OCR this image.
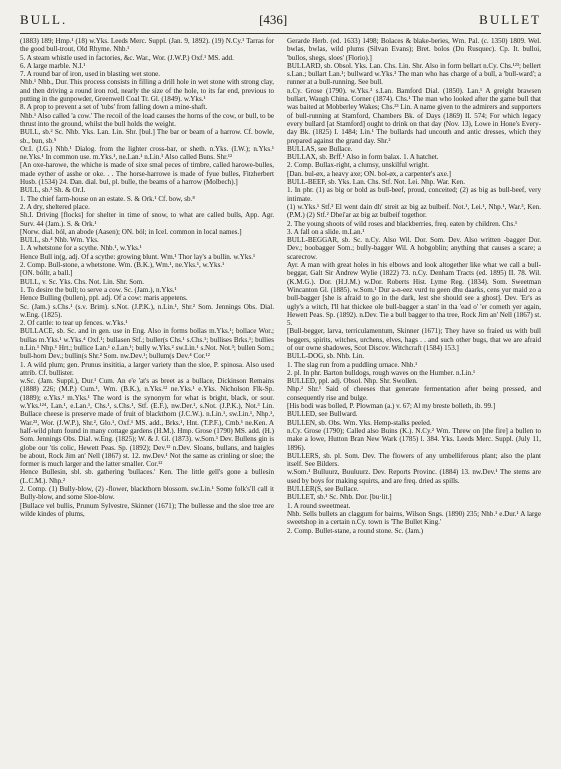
BULL.	[436]	BULLET

(1883) 189; Hmp.¹ (18) w.Yks. Leeds Merc. Suppl. (Jan. 9, 1892). (19) N.Cy.¹ Tarras for the good bull-trout, Old Rhyme. Nhb.¹

5. A steam whistle used in factories, &c. War., Wor. (J.W.P.) Oxf.¹ MS. add.

6. A large marble. N.I.¹

7. A round bar of iron, used in blasting wet stone.

Nhb.¹ Nhb., Dur. This process consists in filling a drill hole in wet stone with strong clay, and then driving a round iron rod, nearly the size of the hole, to its far end, previous to putting in the gunpowder, Greenwell Coal Tr. Gl. (1849). w.Yks.¹

8. A prop to prevent a set of 'tubs' from falling down a mine-shaft.

Nhb.¹ Also called 'a cow.' The recoil of the load causes the horns of the cow, or bull, to be thrust into the ground, whilst the bull holds the weight.

BULL, sb.² Sc. Nhb. Yks. Lan. Lin. Shr. [bul.] The bar or beam of a harrow. Cf. bowle, sb., bun, sb.⁵

Or.I. (J.G.) Nhb.¹ Dialog. from the lighter cross-bar, or sheth. n.Yks. (I.W.); n.Yks.¹ ne.Yks.¹ In common use. m.Yks.¹, ne.Lan.¹ n.Lin.¹ Also called Buns. Shr.¹²

[An oxe-harowe, the whiche is made of sixe smal peces of timbre, called harowe-bulles, made eyther of asshe or oke. . . The horse-harrowe is made of fyue bulles, Fitzherbert Husb. (1534) 24. Dan. dial. bul, pl. bulle, the beams of a harrow (Molbech).]

BULL, sb.³ Sh. & Or.I.

1. The chief farm-house on an estate. S. & Ork.¹ Cf. bow, sb.⁸

2. A dry, sheltered place.

Sh.I. Driving [flocks] for shelter in time of snow, to what are called bulls, App. Agr. Surv. 44 (Jam.). S. & Ork.¹

[Norw. dial. ból, an abode (Aasen); ON. ból; in Icel. common in local names.]

BULL, sb.⁴ Nhb. Wm. Yks.

1. A whetstone for a scythe. Nhb.¹, w.Yks.¹

Hence Bull in(g, adj. Of a scythe: growing blunt. Wm.¹ Thor lay's a bullin. w.Yks.¹

2. Comp. Bull-stone, a whetstone. Wm. (B.K.), Wm.¹, ne.Yks.¹, w.Yks.¹

[ON. bóllr, a ball.]

BULL, v. Sc. Yks. Chs. Not. Lin. Shr. Som.

1. To desire the bull; to serve a cow. Sc. (Jam.), n.Yks.¹

Hence Bulling (bullen), ppl. adj. Of a cow: maris appetens.

Sc. (Jam.) s.Chs.¹ (s.v. Brim). s.Not. (J.P.K.), n.Lin.¹, Shr.² Som. Jennings Obs. Dial. w.Eng. (1825).

2. Of cattle: to tear up fences. w.Yks.¹

BULLACE, sb. Sc. and in gen. use in Eng. Also in forms bollas m.Yks.¹; bollace Wor.; bullas m.Yks.¹ w.Yks.⁴ Oxf.¹; bullasen Stf.; buller(s Chs.¹ s.Chs.¹; bullises Brks.¹; bullies n.Lin.¹ Nhp.¹ Hrt.; bullice Lan.¹ e.Lan.¹; bully w.Yks.² sw.Lin.¹ s.Not. Not.³; bullen Som.; bull-horn Dev.; bullin(s Shr.² Som. nw.Dev.¹; bullum(s Dev.⁴ Cor.¹²

1. A wild plum; gen. Prunus insititia, a larger variety than the sloe, P. spinosa. Also used attrib. Cf. bullister.

w.Sc. (Jam. Suppl.), Dur.¹ Cum. An e'e 'at's as breet as a bullace, Dickinson Remains (1888) 226; (M.P.) Cum.¹, Wm. (B.K.), n.Yks.¹² ne.Yks.¹ e.Yks. Nicholson Flk-Sp. (1889); e.Yks.¹ m.Yks.¹ The word is the synonym for what is bright, black, or sour. w.Yks.¹²⁴, Lan.¹, e.Lan.¹, Chs.¹, s.Chs.¹, Stf. (E.F.), nw.Der.¹, s.Not. (J.P.K.), Not.³ Lin. Bullace cheese is preserve made of fruit of blackthorn (J.C.W.). n.Lin.¹, sw.Lin.¹, Nhp.¹, War.²³, Wor. (J.W.P.), Shr.², Glo.¹, Oxf.¹ MS. add., Brks.¹, Hnt. (T.P.F.), Cmb.¹ ne.Ken. A half-wild plum found in many cottage gardens (H.M.). Hmp. Grose (1790) MS. add. (H.) Som. Jennings Obs. Dial. w.Eng. (1825); W. & J. Gl. (1873). w.Som.¹ Dev. Bullens gin is globe our 'tis colic, Hewett Peas. Sp. (1892); Dev.¹² n.Dev. Sloans, bullans, and haigles be about, Rock Jim an' Nell (1867) st. 12. nw.Dev.¹ Not the same as crinling or sloe; the former is much larger and the latter smaller. Cor.¹²

Hence Bullesin, sbl. sb. gathering 'bullaces.' Ken. The little gell's gone a bullesin (L.C.M.). Nhp.²

2. Comp. (1) Bully-blow, (2) -flower, blackthorn blossom. sw.Lin.¹ Some folk's'll call it Bully-blow, and some Sloe-blow.

[Bullace vel bullis, Prunum Sylvestre, Skinner (1671); The bullesse and the sloe tree are wilde kindes of plums,

Gerarde Herb. (ed. 1633) 1498; Bolaces & blake-beries, Wm. Pal. (c. 1350) 1809. Wel. bwlas, bwlas, wild plums (Silvan Evans); Bret. bolos (Du Rusquec). Cp. It. bulloi, 'bullos, shegs, sloes' (Florio).]

BULLARD, sb. Obsol. Yks. Lan. Chs. Lin. Shr. Also in form bellart n.Cy. Chs.¹²³; bellert s.Lan.; bullart Lan.¹; bullward w.Yks.³ The man who has charge of a bull, a 'bull-ward'; a runner at a bull-running. See bull.

n.Cy. Grose (1790). w.Yks.³ s.Lan. Bamford Dial. (1850). Lan.¹ A greight brawsen bullart, Waugh China. Corner (1874). Chs.¹ The man who looked after the game bull that was baited at Mobberley Wakes; Chs.²³ Lin. A name given to the admirers and supporters of bull-running at Stamford, Chambers Bk. of Days (1869) II. 574; For which legacy every bullard [at Stamford] ought to drink on that day (Nov. 13), Lowe in Hone's Every-day Bk. (1825) I. 1484; Lin.¹ The bullards had uncouth and antic dresses, which they prepared against the grand day. Shr.²

BULLAS, see Bullace.

BULLAX, sb. Brff.¹ Also in form balax. 1. A hatchet.

2. Comp. Bullax-right, a clumsy, unskilful wright.

[Dan. bul-øx, a heavy axe; ON. bol-øx, a carpenter's axe.]

BULL-BEEF, sb. Yks. Lan. Chs. Stf. Not. Lei. Nhp. War. Ken.

1. In phr. (1) as big or bold as bull-beef, proud, conceited; (2) as big as bull-beef, very intimate.

(1) w.Yks.¹ Stf.² El went dain dh' streit az big az bulbeif. Not.¹, Lei.¹, Nhp.¹, War.³, Ken. (P.M.) (2) Stf.² Dhei'ar az big az bulbeif togethor.

2. The young shoots of wild roses and blackberries, freq. eaten by children. Chs.¹

3. A fall on a slide. m.Lan.¹

BULL-BEGGAR, sb. Sc. n.Cy. Also Wil. Dor. Som. Dev. Also written -bagger Dor. Dev.; boobagger Som.; bully-bagger Wil. A hobgoblin; anything that causes a scare; a scarecrow.

Ayr. A man with great holes in his elbows and look altogether like what we call a bull-beggar, Galt Sir Andrew Wylie (1822) 73. n.Cy. Denham Tracts (ed. 1895) II. 78. Wil. (K.M.G.). Dor. (H.J.M.) w.Dor. Roberts Hist. Lyme Reg. (1834). Som. Sweetman Wincanton Gl. (1885). w.Som.¹ Dur a-n-eez vurd tu geen dhu daarks, cens yur maid zo a bull-bagger [she is afraid to go in the dark, lest she should see a ghost]. Dev. 'Er's as ugly's a witch, I'll hat thickee ole bull-bagger a stan' in tha 'ead o' 'er cometh yer again, Hewett Peas. Sp. (1892). n.Dev. Tie a bull bagger to tha tree, Rock Jim an' Nell (1867) st. 5.

[Bull-begger, larva, terriculamentum, Skinner (1671); They have so fraied us with bull beggers, spirits, witches, urchens, elves, hags . . and such other bugs, that we are afraid of our owne shadowes, Scot Discov. Witchcraft (1584) 153.]

BULL-DOG, sb. Nhb. Lin.

1. The slag run from a puddling urnace. Nhb.¹

2. pl. In phr. Barton bulldogs, rough waves on the Humber. n.Lin.¹

BULLED, ppl. adj. Obsol. Nhp. Shr. Swollen.

Nhp.² Shr.¹ Said of cheeses that generate fermentation after being pressed, and consequently rise and bulge.

[His bodi was bolled, P. Plowman (a.) v. 67; Al my breste bolleth, ib. 99.]

BULLED, see Bullward.

BULLEN, sb. Obs. Wm. Yks. Hemp-stalks peeled.

n.Cy. Grose (1790); Called also Buins (K.). N.Cy.² Wm. Threw on [the fire] a bullen to make a lowe, Hutton Bran New Wark (1785) l. 384. Yks. Leeds Merc. Suppl. (July 11, 1896).

BULLERS, sb. pl. Som. Dev. The flowers of any umbelliferous plant; also the plant itself. See Bilders.

w.Som.¹ Bulluurz, Buuluurz. Dev. Reports Provinc. (1884) 13. nw.Dev.¹ The stems are used by boys for making squirts, and are freq. dried as spills.

BULLER(S, see Bullace.

BULLET, sb.¹ Sc. Nhb. Dor. [bu·lit.]

1. A round sweetmeat.

Nhb. Sells bullets an claggum for bairns, Wilson Sngs. (1890) 235; Nhb.¹ e.Dur.¹ A large sweetshop in a certain n.Cy. town is 'The Bullet King.'

2. Comp. Bullet-stane, a round stone. Sc. (Jam.)
